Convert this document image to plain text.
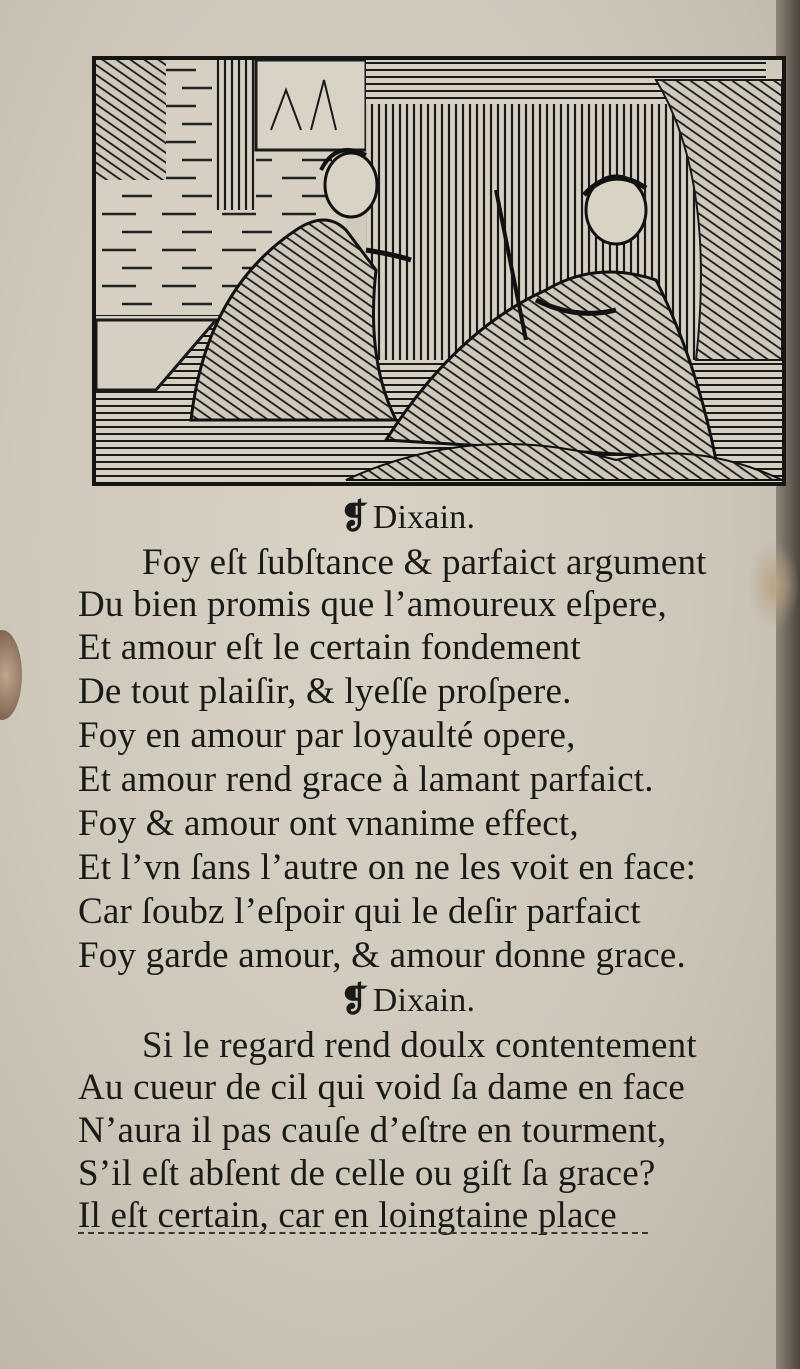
❡ Dixain.
Foy eſt ſubſtance & parfaict argument
Du bien promis que l’amoureux eſpere,
Et amour eſt le certain fondement
De tout plaiſir, & lyeſſe proſpere.
Foy en amour par loyaulté opere,
Et amour rend grace à lamant parfaict.
Foy & amour ont vnanime effect,
Et l’vn ſans l’autre on ne les voit en face:
Car ſoubz l’eſpoir qui le deſir parfaict
Foy garde amour, & amour donne grace.
❡ Dixain.
Si le regard rend doulx contentement
Au cueur de cil qui void ſa dame en face
N’aura il pas cauſe d’eſtre en tourment,
S’il eſt abſent de celle ou giſt ſa grace?
Il eſt certain, car en loingtaine place
